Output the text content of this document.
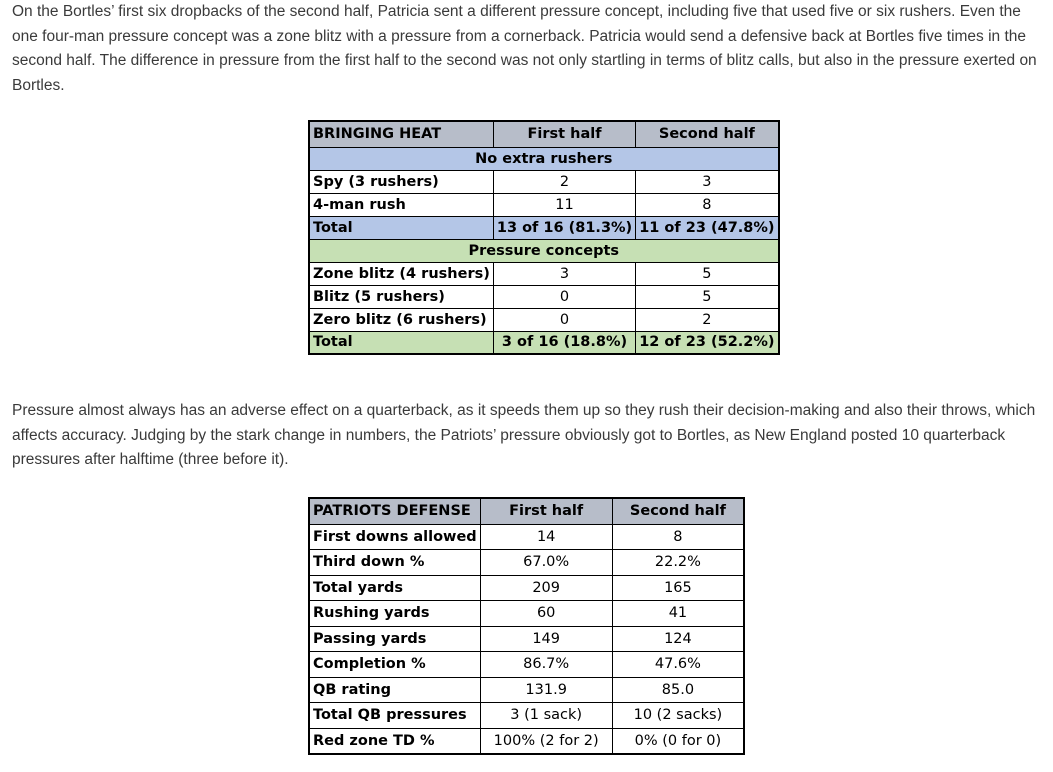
On the Bortles’ first six dropbacks of the second half, Patricia sent a different pressure concept, including five that used five or six rushers. Even the one four-man pressure concept was a zone blitz with a pressure from a cornerback. Patricia would send a defensive back at Bortles five times in the second half. The difference in pressure from the first half to the second was not only startling in terms of blitz calls, but also in the pressure exerted on Bortles.

BRINGING HEAT	First half	Second half
No extra rushers		
Spy (3 rushers)	2	3
4-man rush	11	8
Total	13 of 16 (81.3%)	11 of 23 (47.8%)
Pressure concepts		
Zone blitz (4 rushers)	3	5
Blitz (5 rushers)	0	5
Zero blitz (6 rushers)	0	2
Total	3 of 16 (18.8%)	12 of 23 (52.2%)

Pressure almost always has an adverse effect on a quarterback, as it speeds them up so they rush their decision-making and also their throws, which affects accuracy. Judging by the stark change in numbers, the Patriots’ pressure obviously got to Bortles, as New England posted 10 quarterback pressures after halftime (three before it).

PATRIOTS DEFENSE	First half	Second half
First downs allowed	14	8
Third down %	67.0%	22.2%
Total yards	209	165
Rushing yards	60	41
Passing yards	149	124
Completion %	86.7%	47.6%
QB rating	131.9	85.0
Total QB pressures	3 (1 sack)	10 (2 sacks)
Red zone TD %	100% (2 for 2)	0% (0 for 0)
